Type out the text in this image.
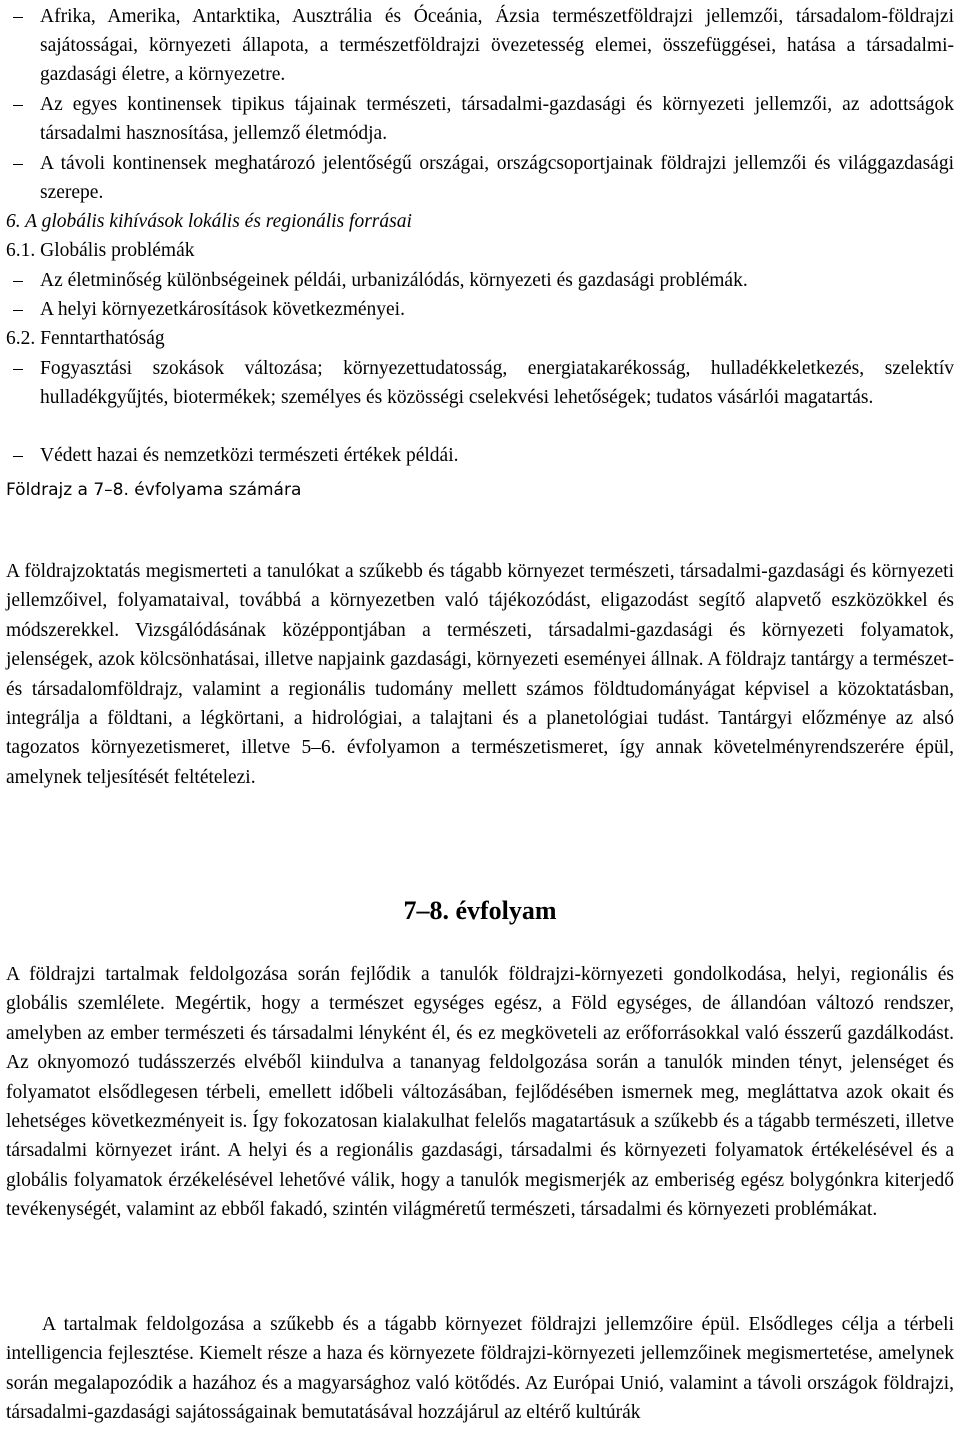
– Afrika, Amerika, Antarktika, Ausztrália és Óceánia, Ázsia természetföldrajzi jellemzői, társadalom-földrajzi sajátosságai, környezeti állapota, a természetföldrajzi övezetesség elemei, összefüggései, hatása a társadalmi-gazdasági életre, a környezetre.
– Az egyes kontinensek tipikus tájainak természeti, társadalmi-gazdasági és környezeti jellemzői, az adottságok társadalmi hasznosítása, jellemző életmódja.
– A távoli kontinensek meghatározó jelentőségű országai, országcsoportjainak földrajzi jellemzői és világgazdasági szerepe.
6. A globális kihívások lokális és regionális forrásai
6.1. Globális problémák
– Az életminőség különbségeinek példái, urbanizálódás, környezeti és gazdasági problémák.
– A helyi környezetkárosítások következményei.
6.2. Fenntarthatóság
– Fogyasztási szokások változása; környezettudatosság, energiatakarékosság, hulladékkeletkezés, szelektív hulladékgyűjtés, biotermékek; személyes és közösségi cselekvési lehetőségek; tudatos vásárlói magatartás.
– Védett hazai és nemzetközi természeti értékek példái.
Földrajz a 7–8. évfolyama számára
A földrajzoktatás megismerteti a tanulókat a szűkebb és tágabb környezet természeti, társadalmi-gazdasági és környezeti jellemzőivel, folyamataival, továbbá a környezetben való tájékozódást, eligazodást segítő alapvető eszközökkel és módszerekkel. Vizsgálódásának középpontjában a természeti, társadalmi-gazdasági és környezeti folyamatok, jelenségek, azok kölcsönhatásai, illetve napjaink gazdasági, környezeti eseményei állnak. A földrajz tantárgy a természet- és társadalomföldrajz, valamint a regionális tudomány mellett számos földtudományágat képvisel a közoktatásban, integrálja a földtani, a légkörtani, a hidrológiai, a talajtani és a planetológiai tudást. Tantárgyi előzménye az alsó tagozatos környezetismeret, illetve 5–6. évfolyamon a természetismeret, így annak követelményrendszerére épül, amelynek teljesítését feltételezi.
7–8. évfolyam
A földrajzi tartalmak feldolgozása során fejlődik a tanulók földrajzi-környezeti gondolkodása, helyi, regionális és globális szemlélete. Megértik, hogy a természet egységes egész, a Föld egységes, de állandóan változó rendszer, amelyben az ember természeti és társadalmi lényként él, és ez megköveteli az erőforrásokkal való ésszerű gazdálkodást. Az oknyomozó tudásszerzés elvéből kiindulva a tananyag feldolgozása során a tanulók minden tényt, jelenséget és folyamatot elsődlegesen térbeli, emellett időbeli változásában, fejlődésében ismernek meg, megláttatva azok okait és lehetséges következményeit is. Így fokozatosan kialakulhat felelős magatartásuk a szűkebb és a tágabb természeti, illetve társadalmi környezet iránt. A helyi és a regionális gazdasági, társadalmi és környezeti folyamatok értékelésével és a globális folyamatok érzékelésével lehetővé válik, hogy a tanulók megismerjék az emberiség egész bolygónkra kiterjedő tevékenységét, valamint az ebből fakadó, szintén világméretű természeti, társadalmi és környezeti problémákat.
A tartalmak feldolgozása a szűkebb és a tágabb környezet földrajzi jellemzőire épül. Elsődleges célja a térbeli intelligencia fejlesztése. Kiemelt része a haza és környezete földrajzi-környezeti jellemzőinek megismertetése, amelynek során megalapozódik a hazához és a magyarsághoz való kötődés. Az Európai Unió, valamint a távoli országok földrajzi, társadalmi-gazdasági sajátosságainak bemutatásával hozzájárul az eltérő kultúrák
